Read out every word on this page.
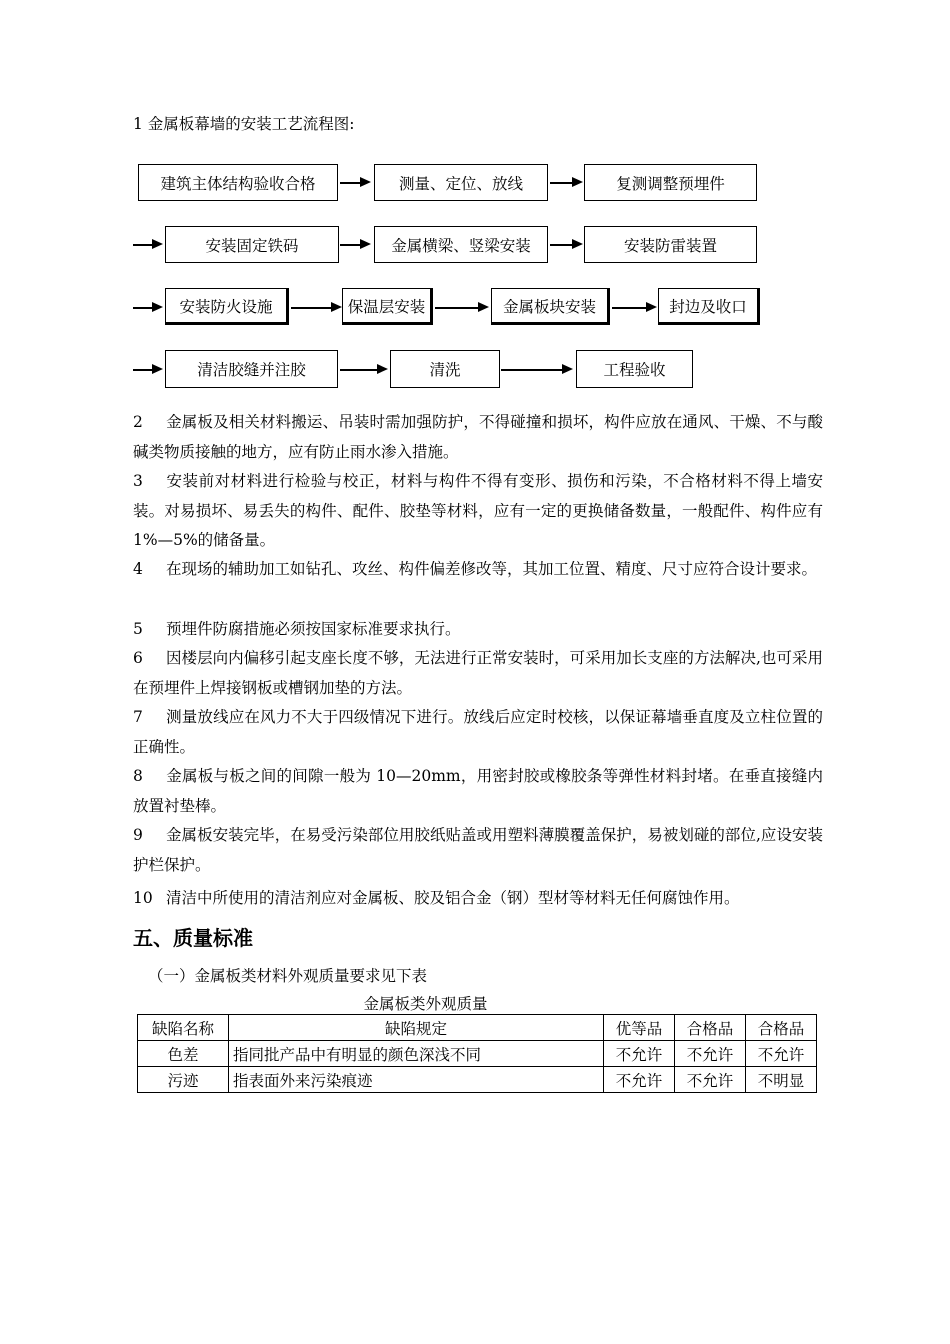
1 金属板幕墙的安装工艺流程图:
建筑主体结构验收合格	测量、定位、放线	复测调整预埋件
安装固定铁码	金属横梁、竖梁安装	安装防雷装置
安装防火设施	保温层安装	金属板块安装	封边及收口
清洁胶缝并注胶	清洗	工程验收
2 金属板及相关材料搬运、吊装时需加强防护，不得碰撞和损坏，构件应放在通风、干燥、不与酸碱类物质接触的地方，应有防止雨水渗入措施。
3 安装前对材料进行检验与校正，材料与构件不得有变形、损伤和污染，不合格材料不得上墙安装。对易损坏、易丢失的构件、配件、胶垫等材料，应有一定的更换储备数量，一般配件、构件应有 1%—5%的储备量。
4 在现场的辅助加工如钻孔、攻丝、构件偏差修改等，其加工位置、精度、尺寸应符合设计要求。
5 预埋件防腐措施必须按国家标准要求执行。
6 因楼层向内偏移引起支座长度不够，无法进行正常安装时，可采用加长支座的方法解决,也可采用在预埋件上焊接钢板或槽钢加垫的方法。
7 测量放线应在风力不大于四级情况下进行。放线后应定时校核，以保证幕墙垂直度及立柱位置的正确性。
8 金属板与板之间的间隙一般为 10—20mm，用密封胶或橡胶条等弹性材料封堵。在垂直接缝内放置衬垫棒。
9 金属板安装完毕，在易受污染部位用胶纸贴盖或用塑料薄膜覆盖保护，易被划碰的部位,应设安装护栏保护。
10 清洁中所使用的清洁剂应对金属板、胶及铝合金（钢）型材等材料无任何腐蚀作用。
五、质量标准
（一）金属板类材料外观质量要求见下表
金属板类外观质量
缺陷名称	缺陷规定	优等品	合格品	合格品
色差	指同批产品中有明显的颜色深浅不同	不允许	不允许	不允许
污迹	指表面外来污染痕迹	不允许	不允许	不明显
